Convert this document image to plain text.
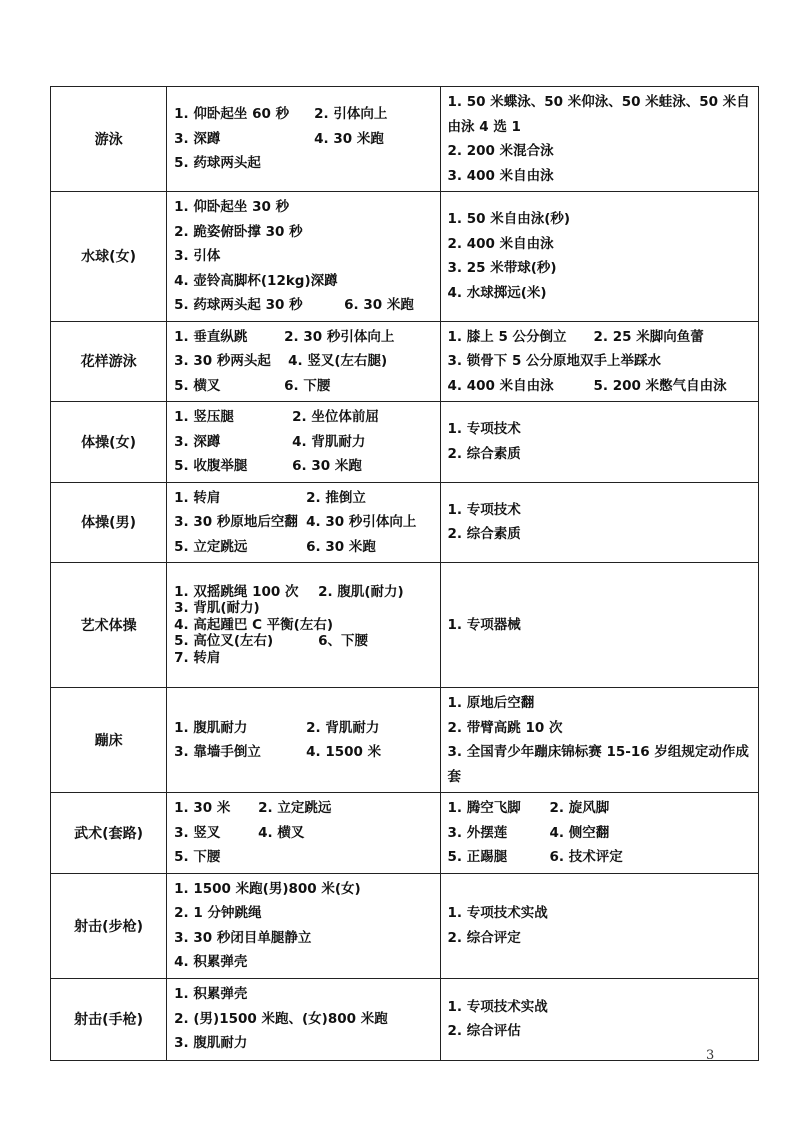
游泳	1. 仰卧起坐 60 秒 2. 引体向上
3. 深蹲 4. 30 米跑
5. 药球两头起	1. 50 米蝶泳、50 米仰泳、50 米蛙泳、50 米自由泳 4 选 1
2. 200 米混合泳
3. 400 米自由泳

水球(女)	1. 仰卧起坐 30 秒
2. 跪姿俯卧撑 30 秒
3. 引体
4. 壶铃高脚杯(12kg)深蹲
5. 药球两头起 30 秒 6. 30 米跑	1. 50 米自由泳(秒)
2. 400 米自由泳
3. 25 米带球(秒)
4. 水球掷远(米)

花样游泳	1. 垂直纵跳 2. 30 秒引体向上
3. 30 秒两头起 4. 竖叉(左右腿)
5. 横叉 6. 下腰	1. 膝上 5 公分倒立 2. 25 米脚向鱼蕾
3. 锁骨下 5 公分原地双手上举踩水
4. 400 米自由泳 5. 200 米憋气自由泳

体操(女)	1. 竖压腿 2. 坐位体前屈
3. 深蹲 4. 背肌耐力
5. 收腹举腿 6. 30 米跑	1. 专项技术
2. 综合素质

体操(男)	1. 转肩 2. 推倒立
3. 30 秒原地后空翻 4. 30 秒引体向上
5. 立定跳远 6. 30 米跑	1. 专项技术
2. 综合素质

艺术体操	1. 双摇跳绳 100 次 2. 腹肌(耐力)
3. 背肌(耐力)
4. 高起踵巴 C 平衡(左右)
5. 高位叉(左右) 6、下腰
7. 转肩	1. 专项器械

蹦床	1. 腹肌耐力 2. 背肌耐力
3. 靠墙手倒立 4. 1500 米	1. 原地后空翻
2. 带臂高跳 10 次
3. 全国青少年蹦床锦标赛 15-16 岁组规定动作成套

武术(套路)	1. 30 米 2. 立定跳远
3. 竖叉 4. 横叉
5. 下腰	1. 腾空飞脚 2. 旋风脚
3. 外摆莲 4. 侧空翻
5. 正踢腿 6. 技术评定

射击(步枪)	1. 1500 米跑(男)800 米(女)
2. 1 分钟跳绳
3. 30 秒闭目单腿静立
4. 积累弹壳	1. 专项技术实战
2. 综合评定

射击(手枪)	1. 积累弹壳
2. (男)1500 米跑、(女)800 米跑
3. 腹肌耐力	1. 专项技术实战
2. 综合评估
3
